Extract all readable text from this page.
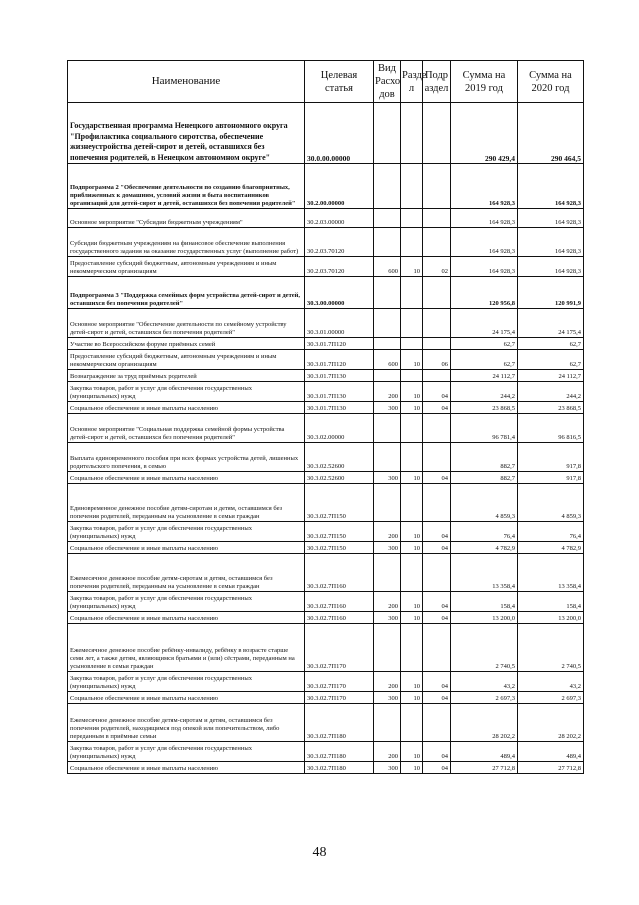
Наименование	Целевая статья	Вид Расхо дов	Разде л	Подр аздел	Сумма на 2019 год	Сумма на 2020 год
Государственная программа Ненецкого автономного округа "Профилактика социального сиротства, обеспечение жизнеустройства детей-сирот и детей, оставшихся без попечения родителей, в Ненецком автономном округе"	30.0.00.00000				290 429,4	290 464,5
Подпрограмма 2 "Обеспечение деятельности по созданию благоприятных, приближенных к домашним, условий жизни и быта воспитанников организаций для детей-сирот и детей, оставшихся без попечения родителей"	30.2.00.00000				164 928,3	164 928,3
Основное мероприятие "Субсидии бюджетным учреждениям"	30.2.03.00000				164 928,3	164 928,3
Субсидии бюджетным учреждениям на финансовое обеспечение выполнения государственного задания на оказание государственных услуг (выполнение работ)	30.2.03.70120				164 928,3	164 928,3
Предоставление субсидий бюджетным, автономным учреждениям и иным некоммерческим организациям	30.2.03.70120	600	10	02	164 928,3	164 928,3
Подпрограмма 3 "Поддержка семейных форм устройства детей-сирот и детей, оставшихся без попечения родителей"	30.3.00.00000				120 956,8	120 991,9
Основное мероприятие "Обеспечение деятельности по семейному устройству детей-сирот и детей, оставшихся без попечения родителей"	30.3.01.00000				24 175,4	24 175,4
Участие во Всероссийском форуме приёмных семей	30.3.01.7П120				62,7	62,7
Предоставление субсидий бюджетным, автономным учреждениям и иным некоммерческим организациям	30.3.01.7П120	600	10	06	62,7	62,7
Вознаграждение за труд приёмных родителей	30.3.01.7П130				24 112,7	24 112,7
Закупка товаров, работ и услуг для обеспечения государственных (муниципальных) нужд	30.3.01.7П130	200	10	04	244,2	244,2
Социальное обеспечение и иные выплаты населению	30.3.01.7П130	300	10	04	23 868,5	23 868,5
Основное мероприятие "Социальная поддержка семейной формы устройства детей-сирот и детей, оставшихся без попечения родителей"	30.3.02.00000				96 781,4	96 816,5
Выплата единовременного пособия при всех формах устройства детей, лишенных родительского попечения, в семью	30.3.02.52600				882,7	917,8
Социальное обеспечение и иные выплаты населению	30.3.02.52600	300	10	04	882,7	917,8
Единовременное денежное пособие детям-сиротам и детям, оставшимся без попечения родителей, переданным на усыновление в семьи граждан	30.3.02.7П150				4 859,3	4 859,3
Закупка товаров, работ и услуг для обеспечения государственных (муниципальных) нужд	30.3.02.7П150	200	10	04	76,4	76,4
Социальное обеспечение и иные выплаты населению	30.3.02.7П150	300	10	04	4 782,9	4 782,9
Ежемесячное денежное пособие детям-сиротам и детям, оставшимся без попечения родителей, переданным на усыновление в семьи граждан	30.3.02.7П160				13 358,4	13 358,4
Закупка товаров, работ и услуг для обеспечения государственных (муниципальных) нужд	30.3.02.7П160	200	10	04	158,4	158,4
Социальное обеспечение и иные выплаты населению	30.3.02.7П160	300	10	04	13 200,0	13 200,0
Ежемесячное денежное пособие ребёнку-инвалиду, ребёнку в возрасте старше семи лет, а также детям, являющимся братьями и (или) сёстрами, переданным на усыновление в семьи граждан	30.3.02.7П170				2 740,5	2 740,5
Закупка товаров, работ и услуг для обеспечения государственных (муниципальных) нужд	30.3.02.7П170	200	10	04	43,2	43,2
Социальное обеспечение и иные выплаты населению	30.3.02.7П170	300	10	04	2 697,3	2 697,3
Ежемесячное денежное пособие детям-сиротам и детям, оставшимся без попечения родителей, находящимся под опекой или попечительством, либо переданным в приёмные семьи	30.3.02.7П180				28 202,2	28 202,2
Закупка товаров, работ и услуг для обеспечения государственных (муниципальных) нужд	30.3.02.7П180	200	10	04	489,4	489,4
Социальное обеспечение и иные выплаты населению	30.3.02.7П180	300	10	04	27 712,8	27 712,8
48
